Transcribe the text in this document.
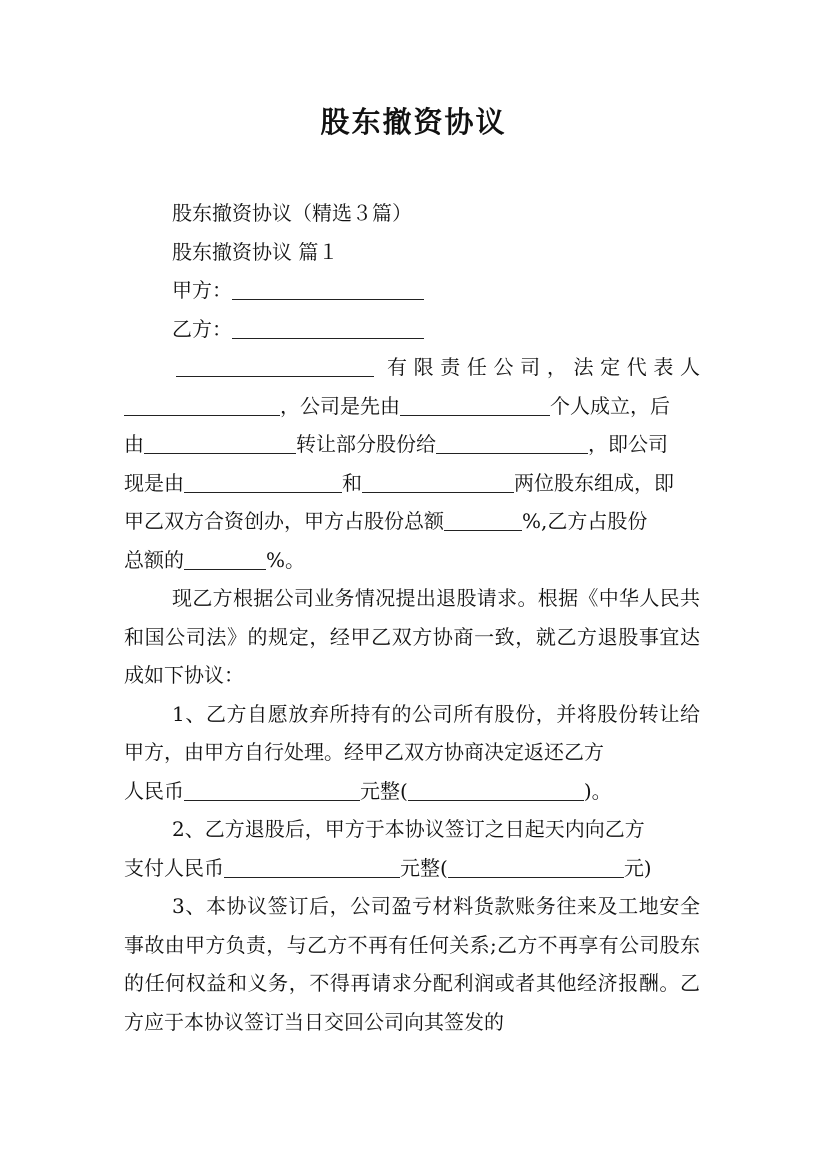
股东撤资协议
股东撤资协议（精选３篇）
股东撤资协议 篇１
甲方：
乙方：
有限责任公司，法定代表人
，公司是先由	个人成立，后
由	转让部分股份给	，即公司
现是由	和	两位股东组成，即
甲乙双方合资创办，甲方占股份总额	%,乙方占股份
总额的	%。
现乙方根据公司业务情况提出退股请求。根据《中华人民共和国公司法》的规定，经甲乙双方协商一致，就乙方退股事宜达成如下协议：
1、乙方自愿放弃所持有的公司所有股份，并将股份转让给甲方，由甲方自行处理。经甲乙双方协商决定返还乙方
人民币	元整(	)。
2、乙方退股后，甲方于本协议签订之日起天内向乙方
支付人民币	元整(	元)
3、本协议签订后，公司盈亏材料货款账务往来及工地安全事故由甲方负责，与乙方不再有任何关系;乙方不再享有公司股东的任何权益和义务，不得再请求分配利润或者其他经济报酬。乙方应于本协议签订当日交回公司向其签发的
